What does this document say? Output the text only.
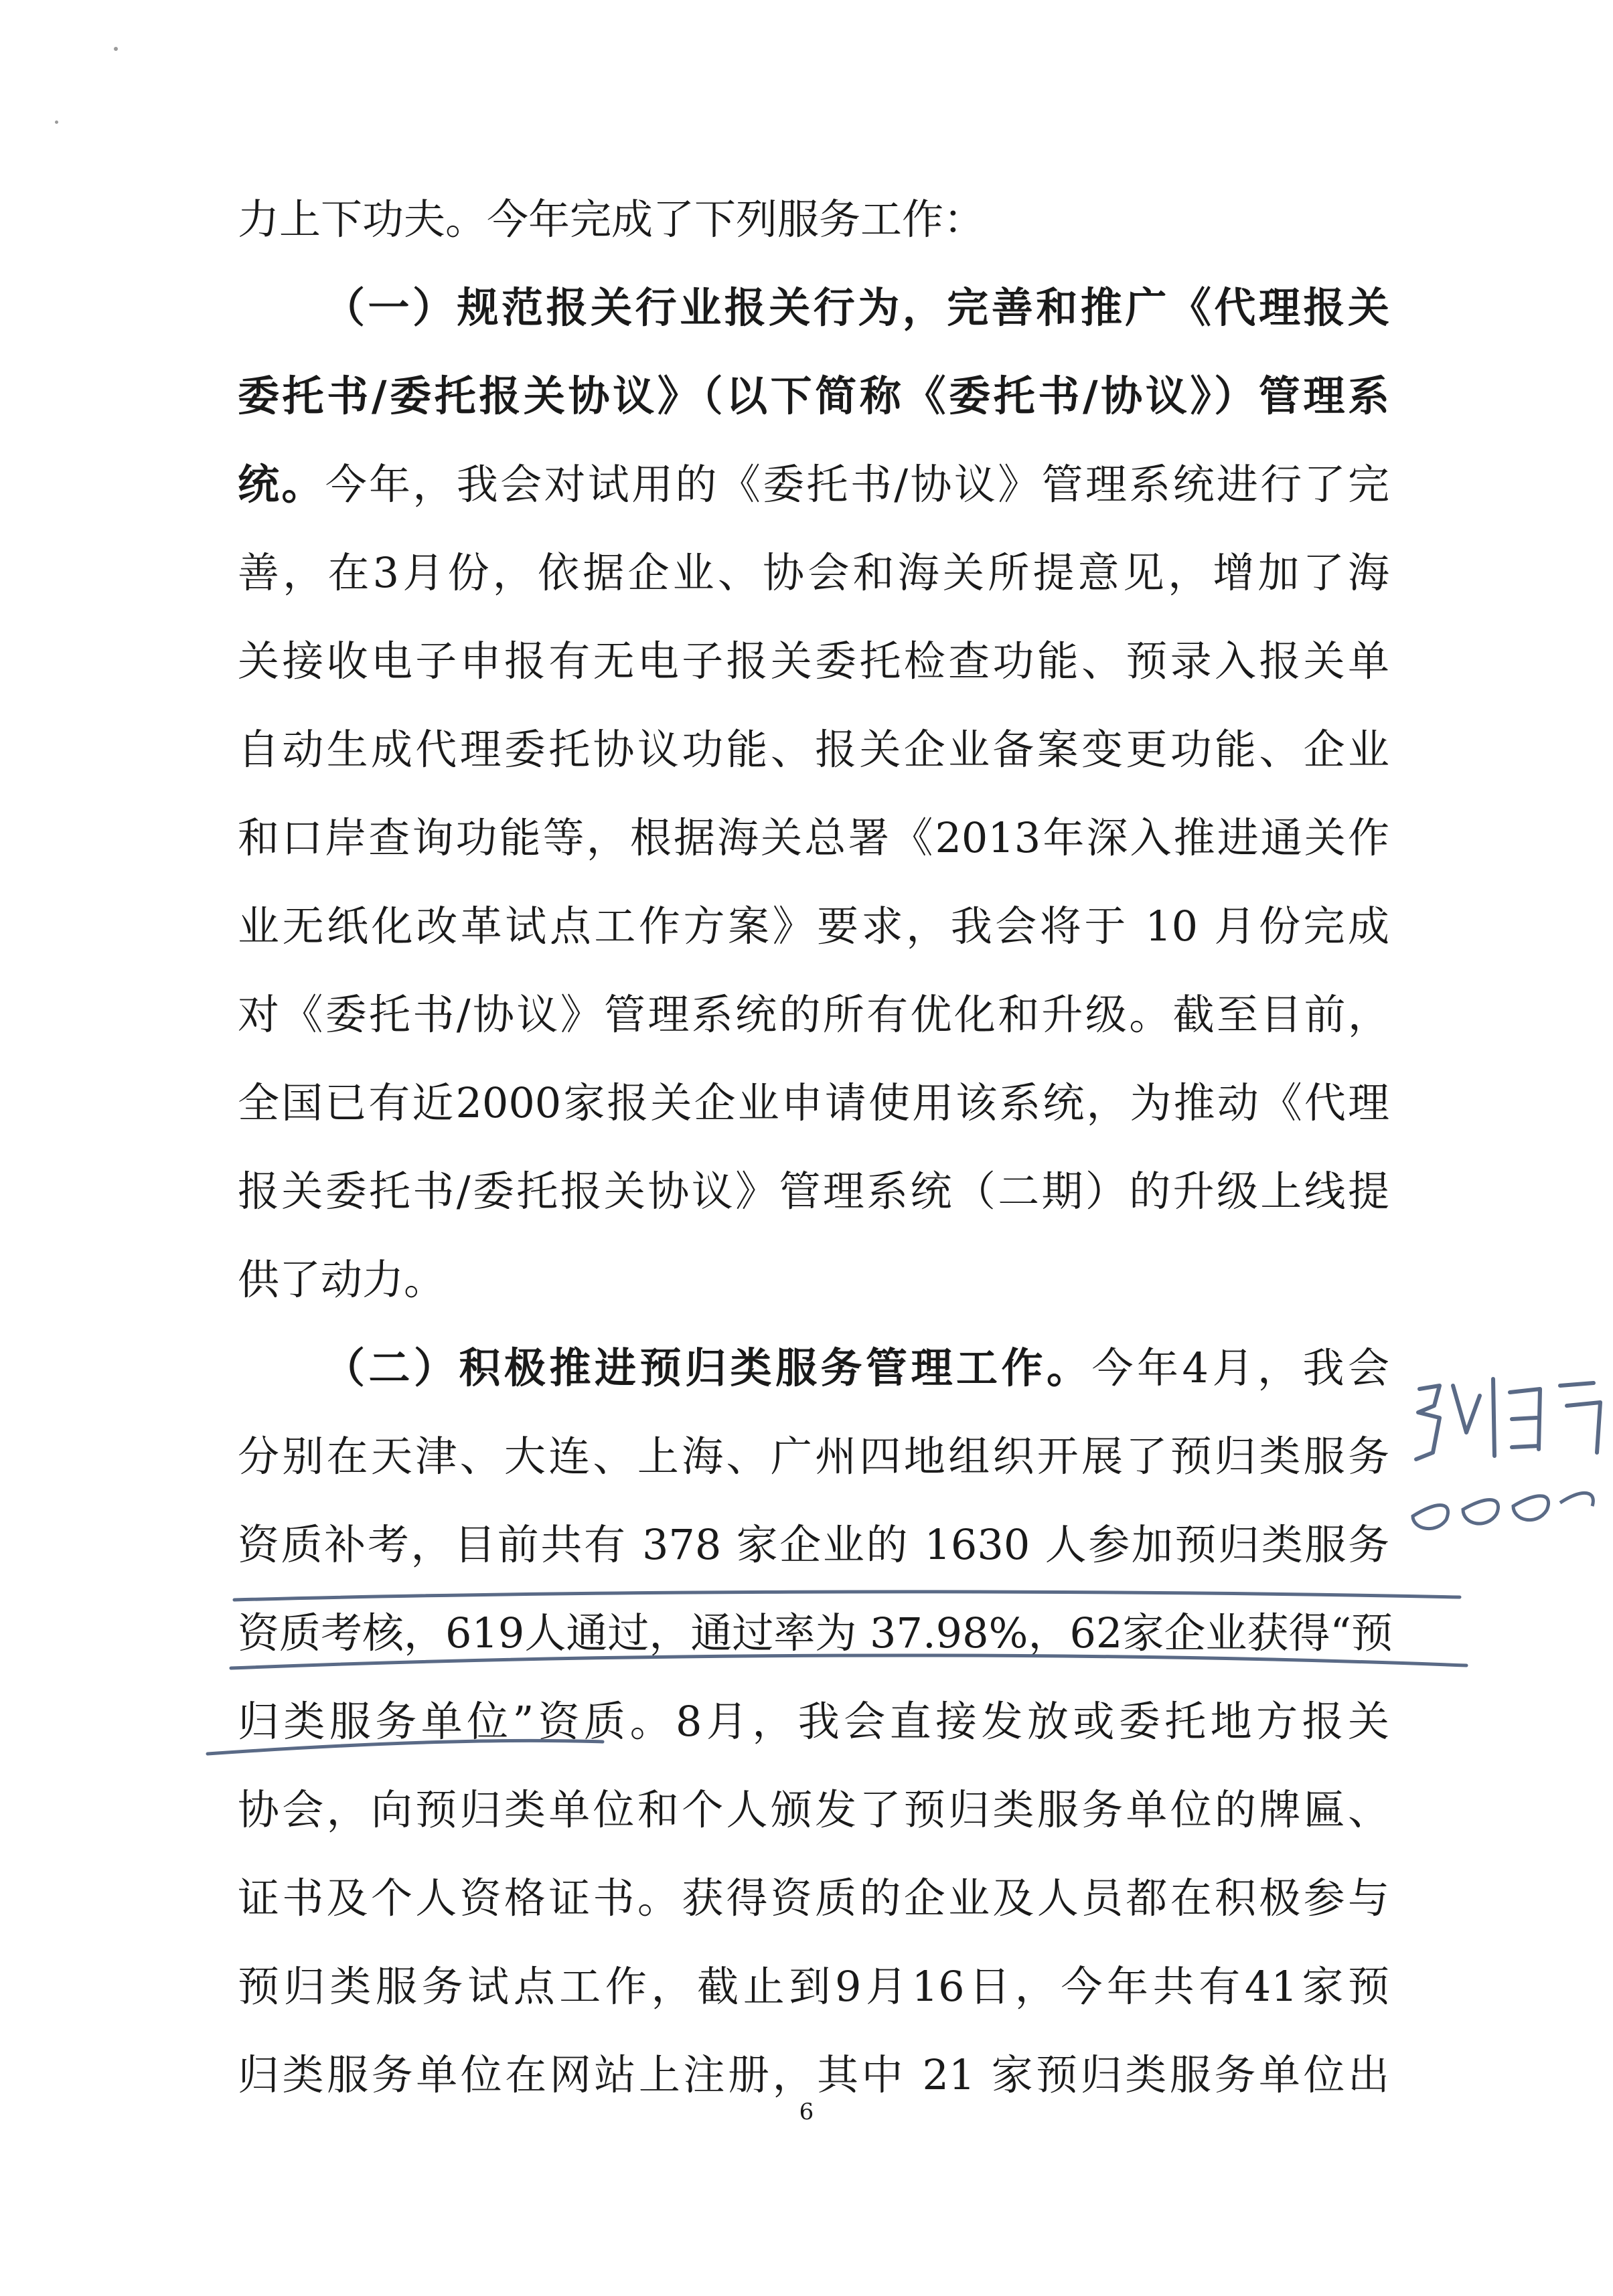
力上下功夫。今年完成了下列服务工作：
（一）规范报关行业报关行为，完善和推广《代理报关
委托书/委托报关协议》（以下简称《委托书/协议》）管理系
统。今年，我会对试用的《委托书/协议》管理系统进行了完
善，在3月份，依据企业、协会和海关所提意见，增加了海
关接收电子申报有无电子报关委托检查功能、预录入报关单
自动生成代理委托协议功能、报关企业备案变更功能、企业
和口岸查询功能等，根据海关总署《2013年深入推进通关作
业无纸化改革试点工作方案》要求，我会将于 10 月份完成
对《委托书/协议》管理系统的所有优化和升级。截至目前，
全国已有近2000家报关企业申请使用该系统，为推动《代理
报关委托书/委托报关协议》管理系统（二期）的升级上线提
供了动力。
（二）积极推进预归类服务管理工作。今年4月，我会
分别在天津、大连、上海、广州四地组织开展了预归类服务
资质补考，目前共有 378 家企业的 1630 人参加预归类服务
资质考核，619人通过，通过率为 37.98%，62家企业获得“预
归类服务单位”资质。8月，我会直接发放或委托地方报关
协会，向预归类单位和个人颁发了预归类服务单位的牌匾、
证书及个人资格证书。获得资质的企业及人员都在积极参与
预归类服务试点工作，截止到9月16日，今年共有41家预
归类服务单位在网站上注册，其中 21 家预归类服务单位出
6
